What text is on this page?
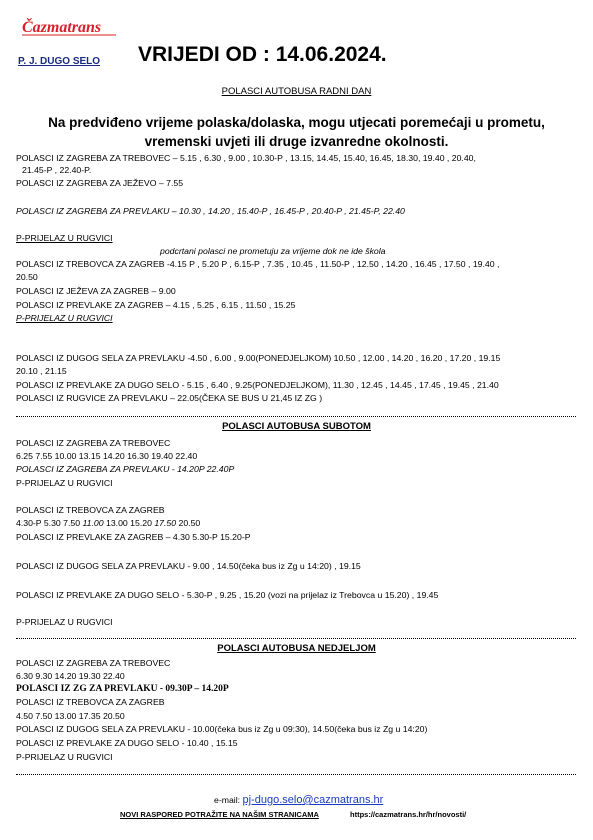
Čazmatrans
P. J. DUGO SELO VRIJEDI OD : 14.06.2024.
POLASCI AUTOBUSA RADNI DAN
Na predviđeno vrijeme polaska/dolaska, mogu utjecati poremećaji u prometu,
vremenski uvjeti ili druge izvanredne okolnosti.
POLASCI IZ ZAGREBA ZA TREBOVEC – 5.15 , 6.30 , 9.00 , 10.30-P , 13.15, 14.45, 15.40, 16.45, 18.30, 19.40 , 20.40,
21.45-P , 22.40-P.
POLASCI IZ ZAGREBA ZA JEŽEVO – 7.55
POLASCI IZ ZAGREBA ZA PREVLAKU – 10.30 , 14.20 , 15.40-P , 16.45-P , 20.40-P , 21.45-P, 22.40
P-PRIJELAZ U RUGVICI
podcrtani polasci ne prometuju za vrijeme dok ne ide škola
POLASCI IZ TREBOVCA ZA ZAGREB -4.15 P , 5.20 P , 6.15-P , 7.35 , 10.45 , 11.50-P , 12.50 , 14.20 , 16.45 , 17.50 , 19.40 ,
20.50
POLASCI IZ JEŽEVA ZA ZAGREB – 9.00
POLASCI IZ PREVLAKE ZA ZAGREB – 4.15 , 5.25 , 6.15 , 11.50 , 15.25
P-PRIJELAZ U RUGVICI
POLASCI IZ DUGOG SELA ZA PREVLAKU -4.50 , 6.00 , 9.00(PONEDJELJKOM) 10.50 , 12.00 , 14.20 , 16.20 , 17.20 , 19.15
20.10 , 21.15
POLASCI IZ PREVLAKE ZA DUGO SELO - 5.15 , 6.40 , 9.25(PONEDJELJKOM), 11.30 , 12.45 , 14.45 , 17.45 , 19.45 , 21.40
POLASCI IZ RUGVICE ZA PREVLAKU – 22.05(ČEKA SE BUS U 21,45 IZ ZG )
POLASCI AUTOBUSA SUBOTOM
POLASCI IZ ZAGREBA ZA TREBOVEC
6.25 7.55 10.00 13.15 14.20 16.30 19.40 22.40
POLASCI IZ ZAGREBA ZA PREVLAKU - 14.20P 22.40P
P-PRIJELAZ U RUGVICI
POLASCI IZ TREBOVCA ZA ZAGREB
4.30-P 5.30 7.50 11.00 13.00 15.20 17.50 20.50
POLASCI IZ PREVLAKE ZA ZAGREB – 4.30 5.30-P 15.20-P
POLASCI IZ DUGOG SELA ZA PREVLAKU - 9.00 , 14.50(čeka bus iz Zg u 14:20) , 19.15
POLASCI IZ PREVLAKE ZA DUGO SELO - 5.30-P , 9.25 , 15.20 (vozi na prijelaz iz Trebovca u 15.20) , 19.45
P-PRIJELAZ U RUGVICI
POLASCI AUTOBUSA NEDJELJOM
POLASCI IZ ZAGREBA ZA TREBOVEC
6.30 9.30 14.20 19.30 22.40
POLASCI IZ ZG ZA PREVLAKU - 09.30P – 14.20P
POLASCI IZ TREBOVCA ZA ZAGREB
4.50 7.50 13.00 17.35 20.50
POLASCI IZ DUGOG SELA ZA PREVLAKU - 10.00(čeka bus iz Zg u 09:30), 14.50(čeka bus iz Zg u 14:20)
POLASCI IZ PREVLAKE ZA DUGO SELO - 10.40 , 15.15
P-PRIJELAZ U RUGVICI
e-mail: pj-dugo.selo@cazmatrans.hr
NOVI RASPORED POTRAŽITE NA NAŠIM STRANICAMA	https://cazmatrans.hr/hr/novosti/
